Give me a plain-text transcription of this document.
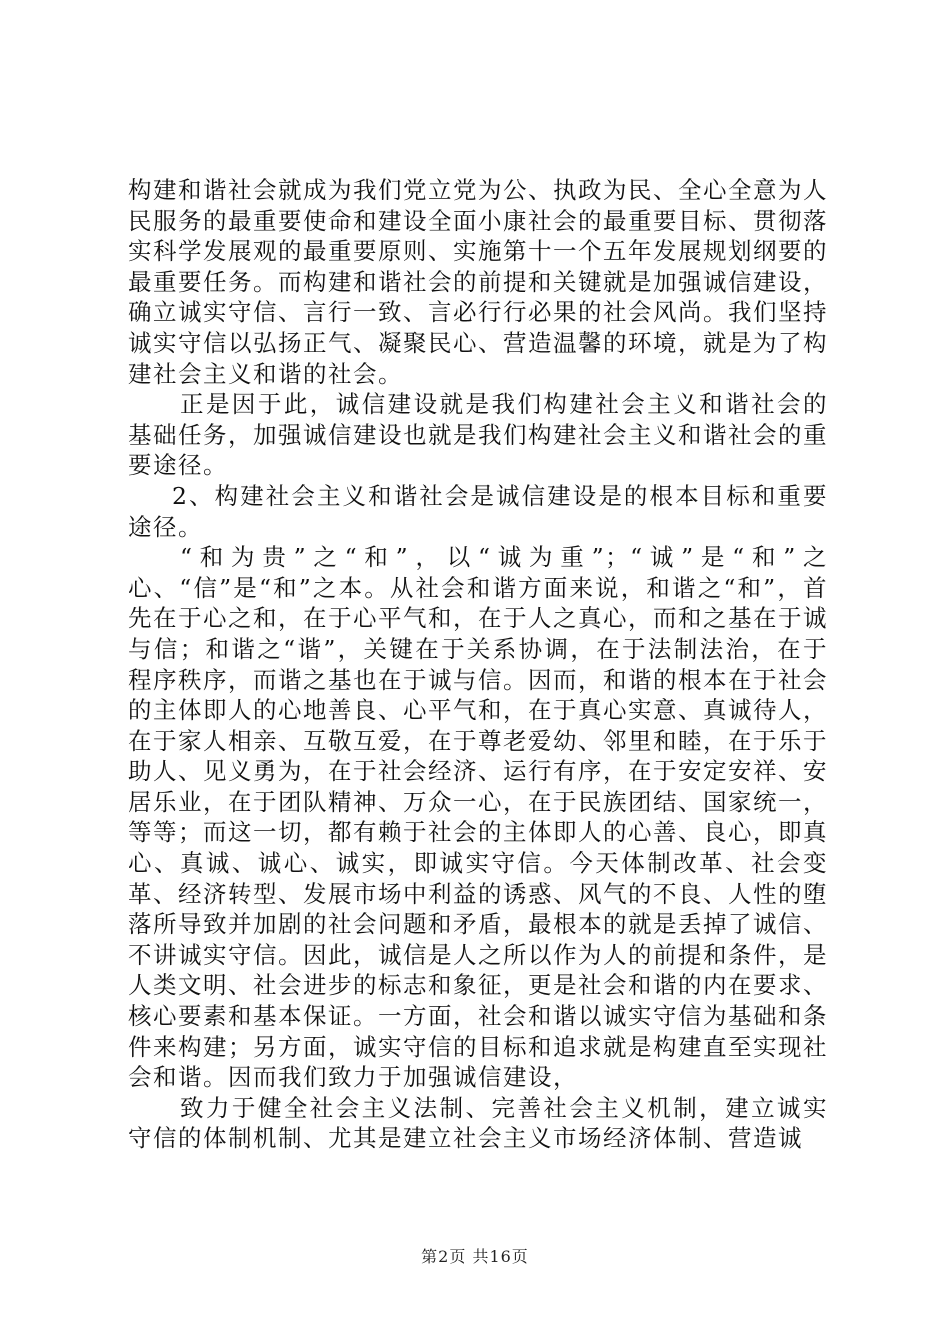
构建和谐社会就成为我们党立党为公、执政为民、全心全意为人民服务的最重要使命和建设全面小康社会的最重要目标、贯彻落实科学发展观的最重要原则、实施第十一个五年发展规划纲要的最重要任务。而构建和谐社会的前提和关键就是加强诚信建设，确立诚实守信、言行一致、言必行行必果的社会风尚。我们坚持诚实守信以弘扬正气、凝聚民心、营造温馨的环境，就是为了构建社会主义和谐的社会。

正是因于此，诚信建设就是我们构建社会主义和谐社会的基础任务，加强诚信建设也就是我们构建社会主义和谐社会的重要途径。

2、构建社会主义和谐社会是诚信建设是的根本目标和重要途径。

“和为贵”之“和”，以“诚为重”；“诚”是“和”之心、“信”是“和”之本。从社会和谐方面来说，和谐之“和”，首先在于心之和，在于心平气和，在于人之真心，而和之基在于诚与信；和谐之“谐”，关键在于关系协调，在于法制法治，在于程序秩序，而谐之基也在于诚与信。因而，和谐的根本在于社会的主体即人的心地善良、心平气和，在于真心实意、真诚待人，在于家人相亲、互敬互爱，在于尊老爱幼、邻里和睦，在于乐于助人、见义勇为，在于社会经济、运行有序，在于安定安祥、安居乐业，在于团队精神、万众一心，在于民族团结、国家统一，等等；而这一切，都有赖于社会的主体即人的心善、良心，即真心、真诚、诚心、诚实，即诚实守信。今天体制改革、社会变革、经济转型、发展市场中利益的诱惑、风气的不良、人性的堕落所导致并加剧的社会问题和矛盾，最根本的就是丢掉了诚信、不讲诚实守信。因此，诚信是人之所以作为人的前提和条件，是人类文明、社会进步的标志和象征，更是社会和谐的内在要求、核心要素和基本保证。一方面，社会和谐以诚实守信为基础和条件来构建；另方面，诚实守信的目标和追求就是构建直至实现社会和谐。因而我们致力于加强诚信建设，

致力于健全社会主义法制、完善社会主义机制，建立诚实守信的体制机制、尤其是建立社会主义市场经济体制、营造诚

第2页 共16页
